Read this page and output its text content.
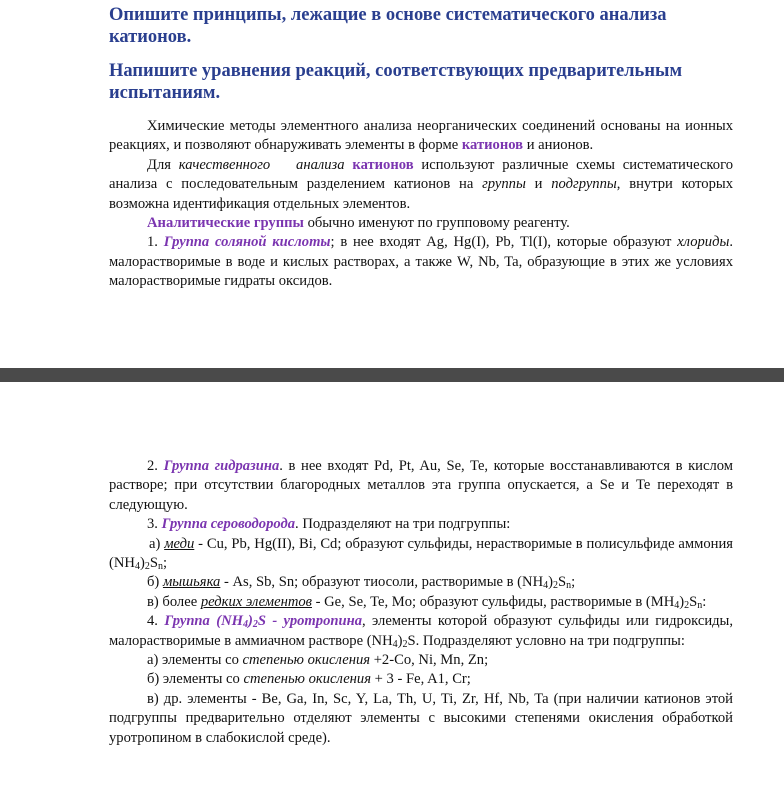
Опишите принципы, лежащие в основе систематического анализа катионов.
Напишите уравнения реакций, соответствующих предварительным испытаниям.

Химические методы элементного анализа неорганических соединений основаны на ионных реакциях, и позволяют обнаруживать элементы в форме катионов и анионов.

Для качественного анализа катионов используют различные схемы систематического анализа с последовательным разделением катионов на группы и подгруппы, внутри которых возможна идентификация отдельных элементов.

Аналитические группы обычно именуют по групповому реагенту.

1. Группа соляной кислоты; в нее входят Ag, Hg(I), Pb, Tl(I), которые образуют хлориды. малорастворимые в воде и кислых растворах, а также W, Nb, Ta, образующие в этих же условиях малорастворимые гидраты оксидов.

2. Группа гидразина. в нее входят Pd, Pt, Au, Se, Te, которые восстанавливаются в кислом растворе; при отсутствии благородных металлов эта группа опускается, а Se и Te переходят в следующую.

3. Группа сероводорода. Подразделяют на три подгруппы:

а) меди - Cu, Pb, Hg(II), Bi, Cd; образуют сульфиды, нерастворимые в полисульфиде аммония $(NH_4)_2S_n$;

б) мышьяка - As, Sb, Sn; образуют тиосоли, растворимые в $(NH_4)_2S_n$;

в) более редких элементов - Ge, Se, Te, Mo; образуют сульфиды, растворимые в $(MH_4)_2S_n$:

4. Группа $(NH_4)_2S$ - уротропина, элементы которой образуют сульфиды или гидроксиды, малорастворимые в аммиачном растворе $(NH_4)_2S$. Подразделяют условно на три подгруппы:

а) элементы со степенью окисления +2-Co, Ni, Mn, Zn;

б) элементы со степенью окисления + 3 - Fe, A1, Cr;

в) др. элементы - Be, Ga, In, Sc, Y, La, Th, U, Ti, Zr, Hf, Nb, Ta (при наличии катионов этой подгруппы предварительно отделяют элементы с высокими степенями окисления обработкой уротропином в слабокислой среде).
